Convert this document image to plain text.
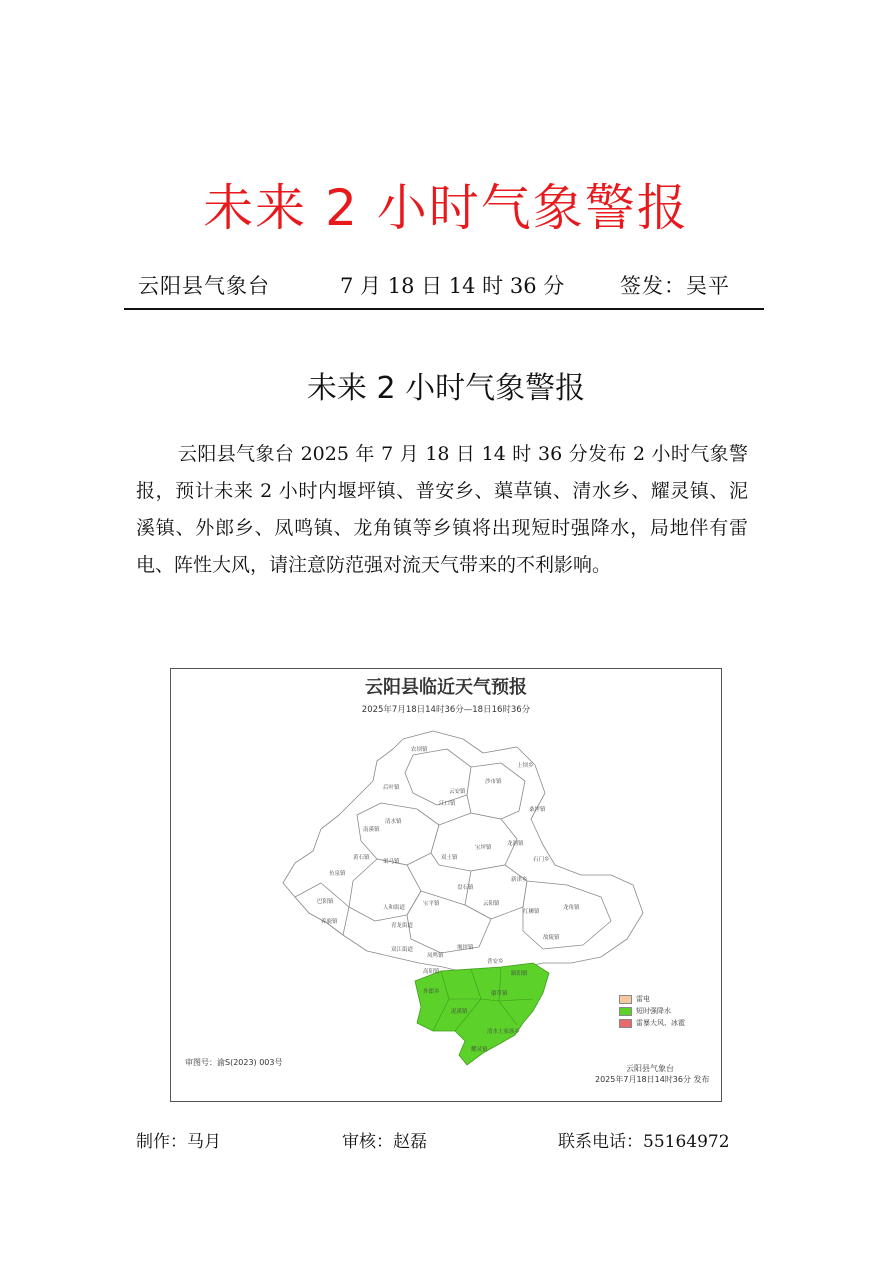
未来 2 小时气象警报
云阳县气象台	7 月 18 日 14 时 36 分	签发：吴平
未来 2 小时气象警报

云阳县气象台 2025 年 7 月 18 日 14 时 36 分发布 2 小时气象警报，预计未来 2 小时内堰坪镇、普安乡、蕖草镇、清水乡、耀灵镇、泥溪镇、外郎乡、凤鸣镇、龙角镇等乡镇将出现短时强降水，局地伴有雷电、阵性大风，请注意防范强对流天气带来的不利影响。

农坝镇
上坝乡
沙市镇
后叶镇
云安镇
江口镇
桑坪镇
清水镇
南溪镇
双土镇
龙洞镇
石门乡
宝坪镇
黄石镇
渠马镇
鱼泉镇
新津乡
人和街道
盘石镇
宝平镇	云阳镇
红狮镇
龙角镇
巴阳镇
青龙街道
双江街道
养鹿镇
凤鸣镇
堰坪镇
普安乡
外郎乡	蕖草镇
泥溪镇
清水土家族乡
耀灵镇
故陵镇
路阳镇
高阳镇
云阳县临近天气预报
2025年7月18日14时36分—18日16时36分
雷电
短时强降水
雷暴大风、冰雹
审图号：渝S(2023) 003号
云阳县气象台
2025年7月18日14时36分 发布
制作：马月	审核：赵磊	联系电话：55164972
